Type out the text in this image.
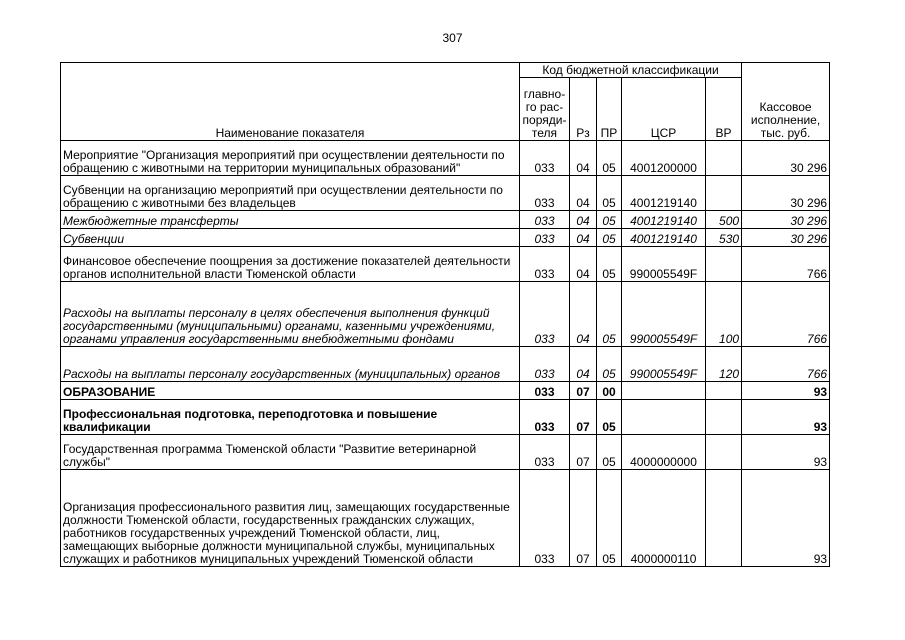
307
Наименование показателя	Код бюджетной классификации					Кассовое исполнение, тыс. руб.
	главно-го рас-поряди-теля	Рз	ПР	ЦСР	ВР	
Мероприятие "Организация мероприятий при осуществлении деятельности по обращению с животными на территории муниципальных образований"	033	04	05	4001200000		30 296
Субвенции на организацию мероприятий при осуществлении деятельности по обращению с животными без владельцев	033	04	05	4001219140		30 296
Межбюджетные трансферты	033	04	05	4001219140	500	30 296
Субвенции	033	04	05	4001219140	530	30 296
Финансовое обеспечение поощрения за достижение показателей деятельности органов исполнительной власти Тюменской области	033	04	05	990005549F		766
Расходы на выплаты персоналу в целях обеспечения выполнения функций государственными (муниципальными) органами, казенными учреждениями, органами управления государственными внебюджетными фондами	033	04	05	990005549F	100	766
Расходы на выплаты персоналу государственных (муниципальных) органов	033	04	05	990005549F	120	766
ОБРАЗОВАНИЕ	033	07	00			93
Профессиональная подготовка, переподготовка и повышение квалификации	033	07	05			93
Государственная программа Тюменской области "Развитие ветеринарной службы"	033	07	05	4000000000		93
Организация профессионального развития лиц, замещающих государственные должности Тюменской области, государственных гражданских служащих, работников государственных учреждений Тюменской области, лиц, замещающих выборные должности муниципальной службы, муниципальных служащих и работников муниципальных учреждений Тюменской области	033	07	05	4000000110		93
